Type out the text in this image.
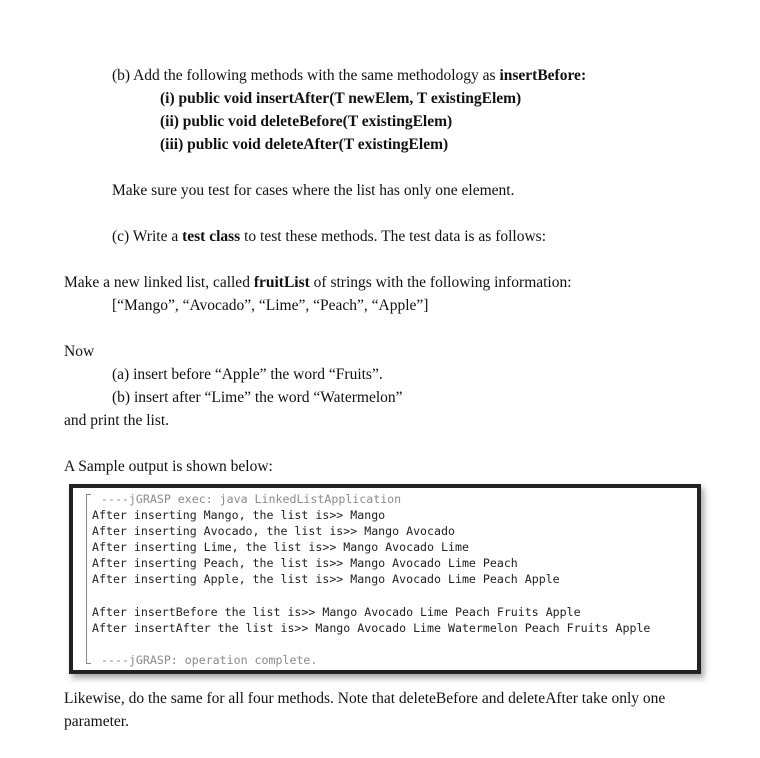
(b) Add the following methods with the same methodology as insertBefore:
(i) public void insertAfter(T newElem, T existingElem)
(ii) public void deleteBefore(T existingElem)
(iii) public void deleteAfter(T existingElem)
Make sure you test for cases where the list has only one element.
(c) Write a test class to test these methods. The test data is as follows:
Make a new linked list, called fruitList of strings with the following information:
[“Mango”, “Avocado”, “Lime”, “Peach”, “Apple”]
Now
(a) insert before “Apple” the word “Fruits”.
(b) insert after “Lime” the word “Watermelon”
and print the list.
A Sample output is shown below:
----jGRASP exec: java LinkedListApplication
After inserting Mango, the list is>> Mango
After inserting Avocado, the list is>> Mango Avocado
After inserting Lime, the list is>> Mango Avocado Lime
After inserting Peach, the list is>> Mango Avocado Lime Peach
After inserting Apple, the list is>> Mango Avocado Lime Peach Apple
After insertBefore the list is>> Mango Avocado Lime Peach Fruits Apple
After insertAfter the list is>> Mango Avocado Lime Watermelon Peach Fruits Apple
----jGRASP: operation complete.
Likewise, do the same for all four methods. Note that deleteBefore and deleteAfter take only one
parameter.
